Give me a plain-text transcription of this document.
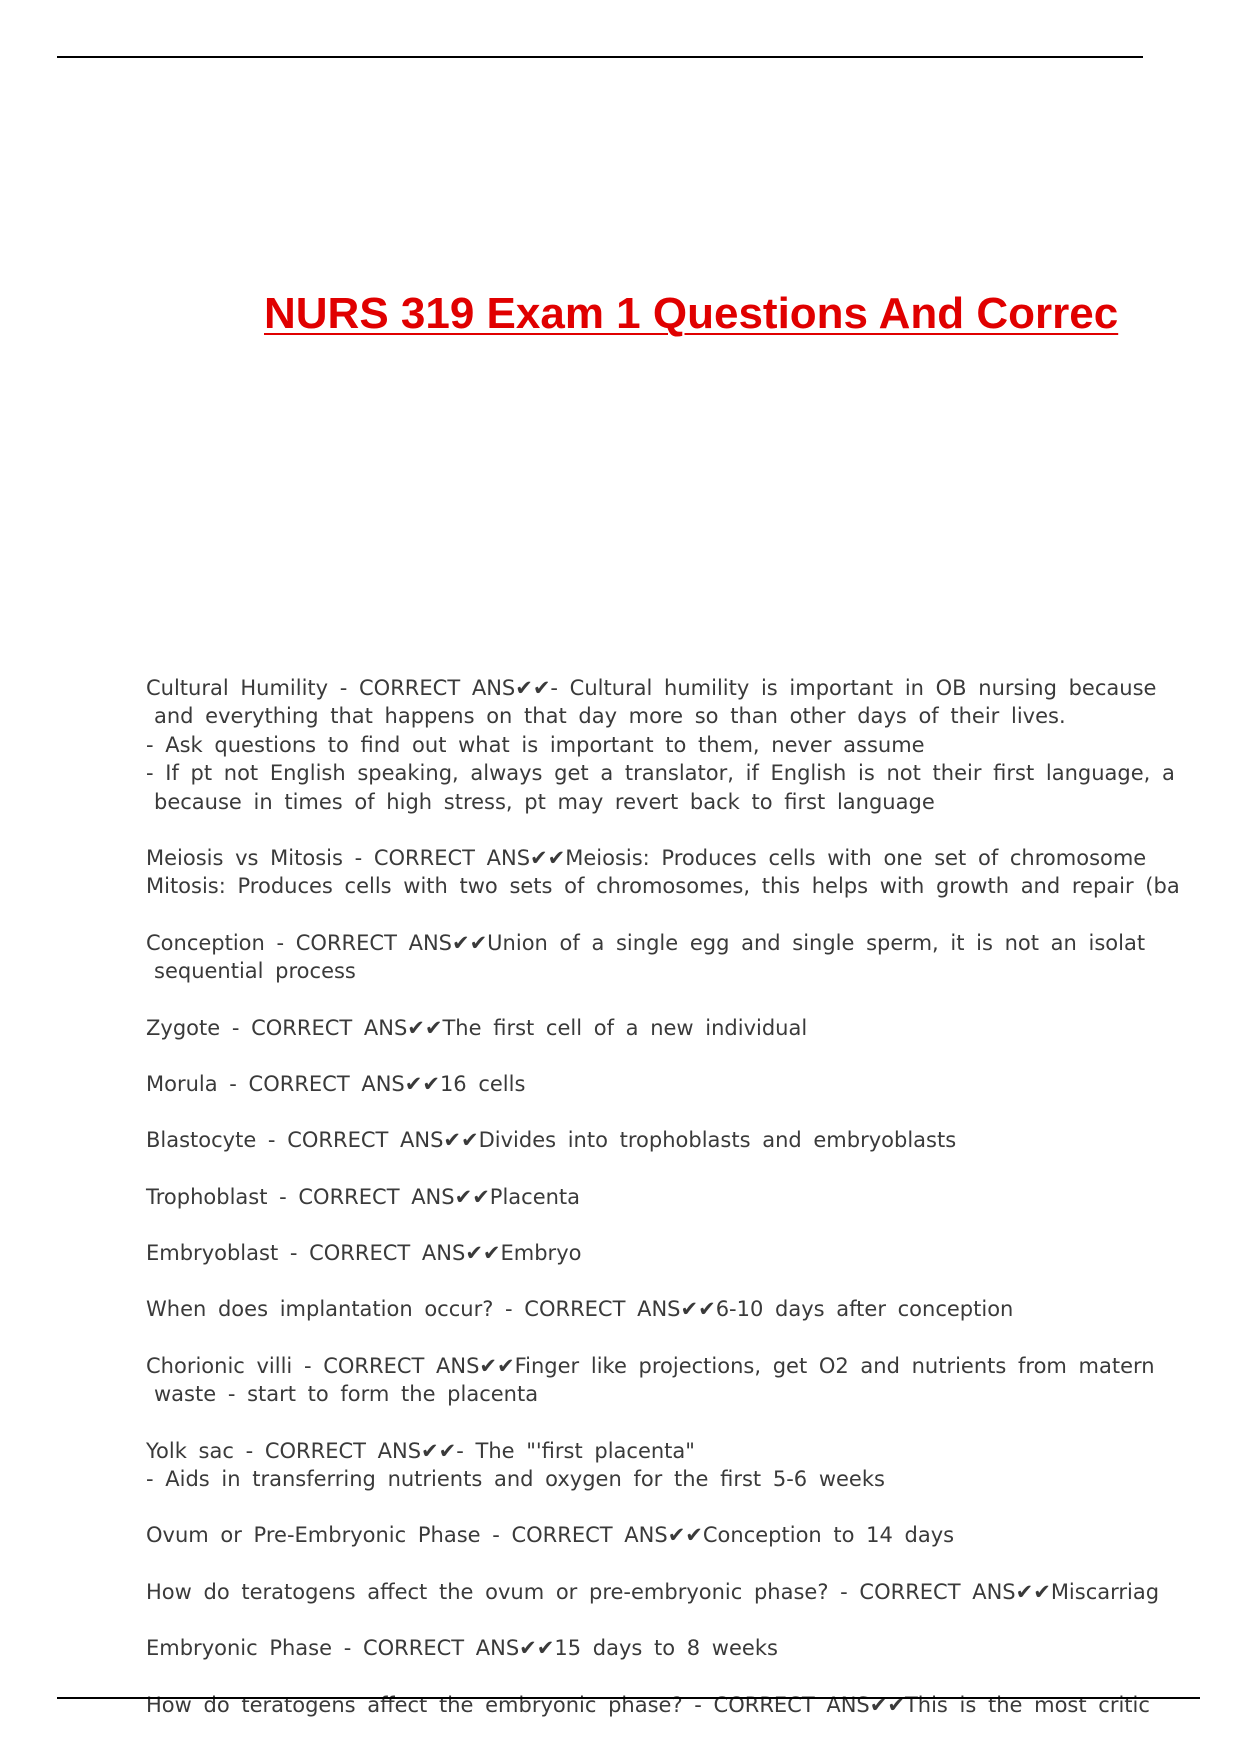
NURS 319 Exam 1 Questions And Correc
Cultural Humility - CORRECT ANS✔✔- Cultural humility is important in OB nursing because
and everything that happens on that day more so than other days of their lives.
- Ask questions to find out what is important to them, never assume
- If pt not English speaking, always get a translator, if English is not their first language, a
because in times of high stress, pt may revert back to first language
Meiosis vs Mitosis - CORRECT ANS✔✔Meiosis: Produces cells with one set of chromosome
Mitosis: Produces cells with two sets of chromosomes, this helps with growth and repair (ba
Conception - CORRECT ANS✔✔Union of a single egg and single sperm, it is not an isolat
sequential process
Zygote - CORRECT ANS✔✔The first cell of a new individual
Morula - CORRECT ANS✔✔16 cells
Blastocyte - CORRECT ANS✔✔Divides into trophoblasts and embryoblasts
Trophoblast - CORRECT ANS✔✔Placenta
Embryoblast - CORRECT ANS✔✔Embryo
When does implantation occur? - CORRECT ANS✔✔6-10 days after conception
Chorionic villi - CORRECT ANS✔✔Finger like projections, get O2 and nutrients from matern
waste - start to form the placenta
Yolk sac - CORRECT ANS✔✔- The "'first placenta"
- Aids in transferring nutrients and oxygen for the first 5-6 weeks
Ovum or Pre-Embryonic Phase - CORRECT ANS✔✔Conception to 14 days
How do teratogens affect the ovum or pre-embryonic phase? - CORRECT ANS✔✔Miscarriag
Embryonic Phase - CORRECT ANS✔✔15 days to 8 weeks
How do teratogens affect the embryonic phase? - CORRECT ANS✔✔This is the most critic
